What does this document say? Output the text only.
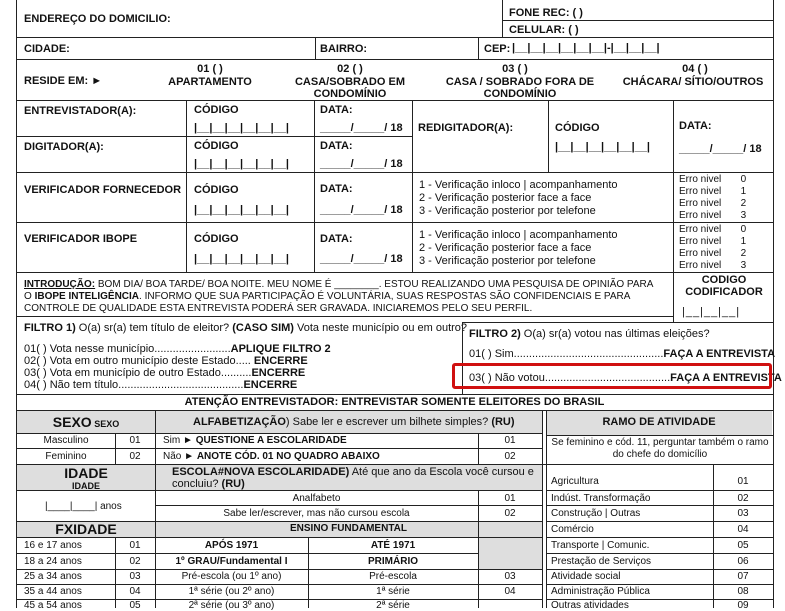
ENDEREÇO DO DOMICILIO:	FONE REC: ( )
CELULAR: ( )
CIDADE:	BAIRRO:	CEP: |__|__|__|__|__|__|-|__|__|__|
RESIDE EM: ►
01 ( )
APARTAMENTO
02 ( )
CASA/SOBRADO EM CONDOMÍNIO
03 ( )
CASA / SOBRADO FORA DE CONDOMÍNIO
04 ( )
CHÁCARA/ SÍTIO/OUTROS
ENTREVISTADOR(A):	CÓDIGO
|__|__|__|__|__|__|
DATA:
_____/_____/ 18
DIGITADOR(A):	CÓDIGO
|__|__|__|__|__|__|
DATA:
_____/_____/ 18
REDIGITADOR(A):	CÓDIGO
|__|__|__|__|__|__|
DATA:
_____/_____/ 18
VERIFICADOR FORNECEDOR CÓDIGO
|__|__|__|__|__|__|
DATA:
_____/_____/ 18
1 - Verificação inloco | acompanhamento
2 - Verificação posterior face a face
3 - Verificação posterior por telefone
Erro nivel       0
Erro nivel       1
Erro nivel       2
Erro nivel       3
VERIFICADOR IBOPE	CÓDIGO
|__|__|__|__|__|__|
DATA:
_____/_____/ 18
1 - Verificação inloco | acompanhamento
2 - Verificação posterior face a face
3 - Verificação posterior por telefone
Erro nivel       0
Erro nivel       1
Erro nivel       2
Erro nivel       3
INTRODUÇÃO: BOM DIA/ BOA TARDE/ BOA NOITE. MEU NOME É ________. ESTOU REALIZANDO UMA PESQUISA DE OPINIÃO PARA
O IBOPE INTELIGÊNCIA. INFORMO QUE SUA PARTICIPAÇÃO É VOLUNTÁRIA, SUAS RESPOSTAS SÃO CONFIDENCIAIS E PARA
CONTROLE DE QUALIDADE ESTA ENTREVISTA PODERÁ SER GRAVADA. INICIAREMOS PELO SEU PERFIL.
CODIGO CODIFICADOR
|__|__|__|
FILTRO 1) O(a) sr(a) tem título de eleitor? (CASO SIM) Vota neste município ou em outro?
01( ) Vota nesse município.........................APLIQUE FILTRO 2
02( ) Vota em outro município deste Estado..... ENCERRE
03( ) Vota em município de outro Estado..........ENCERRE
04( ) Não tem título.........................................ENCERRE
FILTRO 2) O(a) sr(a) votou nas últimas eleições?
01( ) Sim.................................................FAÇA A ENTREVISTA
03( ) Não votou.........................................FAÇA A ENTREVISTA
ATENÇÃO ENTREVISTADOR: ENTREVISTAR SOMENTE ELEITORES DO BRASIL
SEXO SEXO
Masculino	01
Feminino	02
ALFABETIZAÇÃO) Sabe ler e escrever um bilhete simples? (RU)
Sim ► QUESTIONE A ESCOLARIDADE	01
Não ► ANOTE CÓD. 01 NO QUADRO ABAIXO	02
RAMO DE ATIVIDADE
Se feminino e cód. 11, perguntar também o ramo do chefe do domicílio
IDADE
IDADE
|____|____| anos
ESCOLA#NOVA ESCOLARIDADE) Até que ano da Escola você cursou e concluiu? (RU)
Analfabeto	01
Sabe ler/escrever, mas não cursou escola	02
ENSINO FUNDAMENTAL
APÓS 1971	ATÉ 1971
1º GRAU/Fundamental I	PRIMÁRIO
Pré-escola (ou 1º ano)	Pré-escola	03
1ª série (ou 2º ano)	1ª série	04
2ª série (ou 3º ano)	2ª série
FXIDADE
16 e 17 anos	01
18 a 24 anos	02
25 a 34 anos	03
35 a 44 anos	04
45 a 54 anos	05
Agricultura	01
Indúst. Transformação	02
Construção | Outras	03
Comércio	04
Transporte | Comunic.	05
Prestação de Serviços	06
Atividade social	07
Administração Pública	08
Outras atividades	09
